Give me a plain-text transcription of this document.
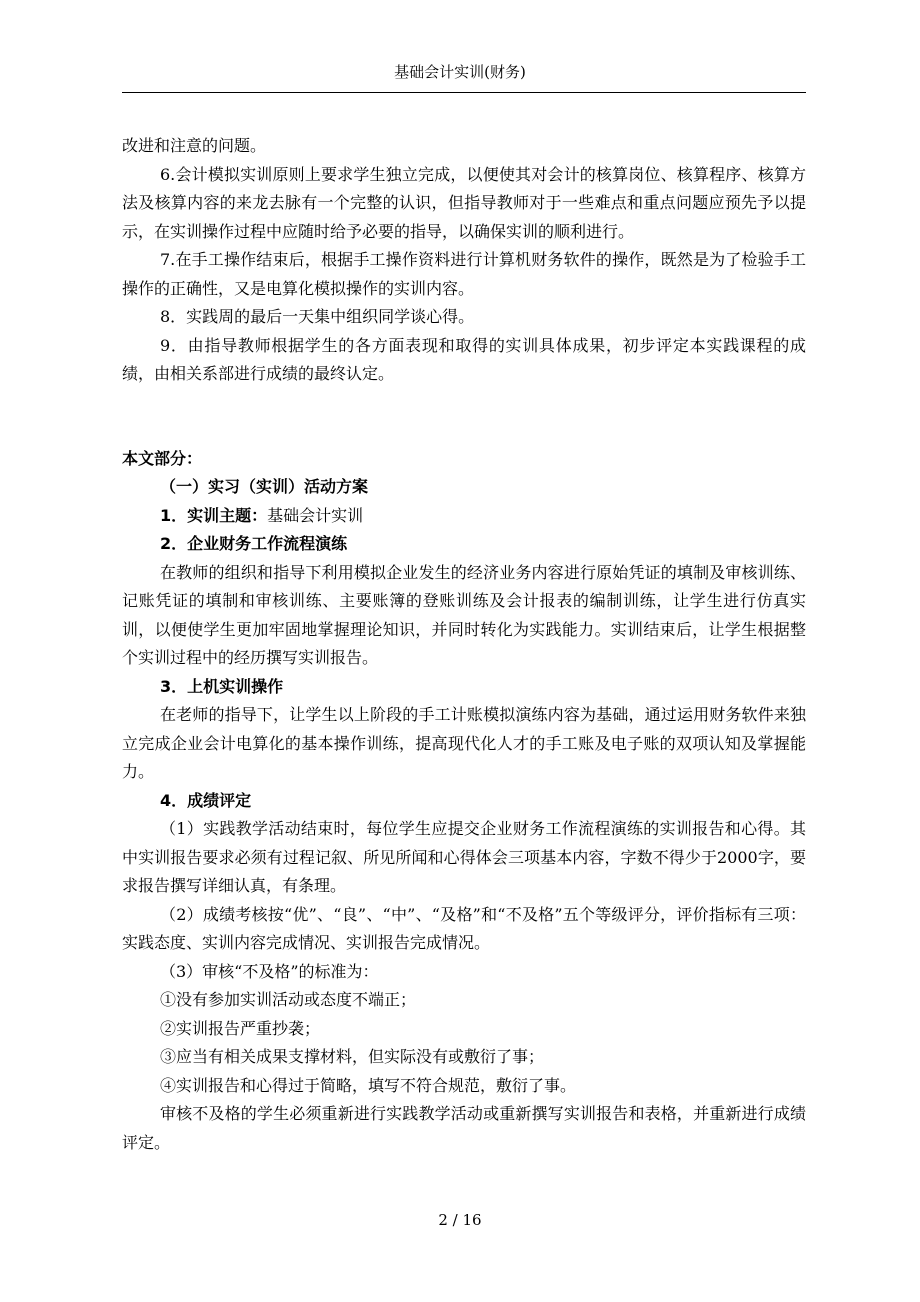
基础会计实训(财务)

改进和注意的问题。

6.会计模拟实训原则上要求学生独立完成，以便使其对会计的核算岗位、核算程序、核算方法及核算内容的来龙去脉有一个完整的认识，但指导教师对于一些难点和重点问题应预先予以提示，在实训操作过程中应随时给予必要的指导，以确保实训的顺利进行。

7.在手工操作结束后，根据手工操作资料进行计算机财务软件的操作，既然是为了检验手工操作的正确性，又是电算化模拟操作的实训内容。

8．实践周的最后一天集中组织同学谈心得。

9．由指导教师根据学生的各方面表现和取得的实训具体成果，初步评定本实践课程的成绩，由相关系部进行成绩的最终认定。

本文部分：

（一）实习（实训）活动方案

1．实训主题：基础会计实训

2．企业财务工作流程演练

在教师的组织和指导下利用模拟企业发生的经济业务内容进行原始凭证的填制及审核训练、记账凭证的填制和审核训练、主要账簿的登账训练及会计报表的编制训练，让学生进行仿真实训，以便使学生更加牢固地掌握理论知识，并同时转化为实践能力。实训结束后，让学生根据整个实训过程中的经历撰写实训报告。

3．上机实训操作

在老师的指导下，让学生以上阶段的手工计账模拟演练内容为基础，通过运用财务软件来独立完成企业会计电算化的基本操作训练，提高现代化人才的手工账及电子账的双项认知及掌握能力。

4．成绩评定

（1）实践教学活动结束时，每位学生应提交企业财务工作流程演练的实训报告和心得。其中实训报告要求必须有过程记叙、所见所闻和心得体会三项基本内容，字数不得少于2000字，要求报告撰写详细认真，有条理。

（2）成绩考核按“优”、“良”、“中”、“及格”和“不及格”五个等级评分，评价指标有三项：实践态度、实训内容完成情况、实训报告完成情况。

（3）审核“不及格”的标准为：

①没有参加实训活动或态度不端正；

②实训报告严重抄袭；

③应当有相关成果支撑材料，但实际没有或敷衍了事；

④实训报告和心得过于简略，填写不符合规范，敷衍了事。

审核不及格的学生必须重新进行实践教学活动或重新撰写实训报告和表格，并重新进行成绩评定。

2 / 16
